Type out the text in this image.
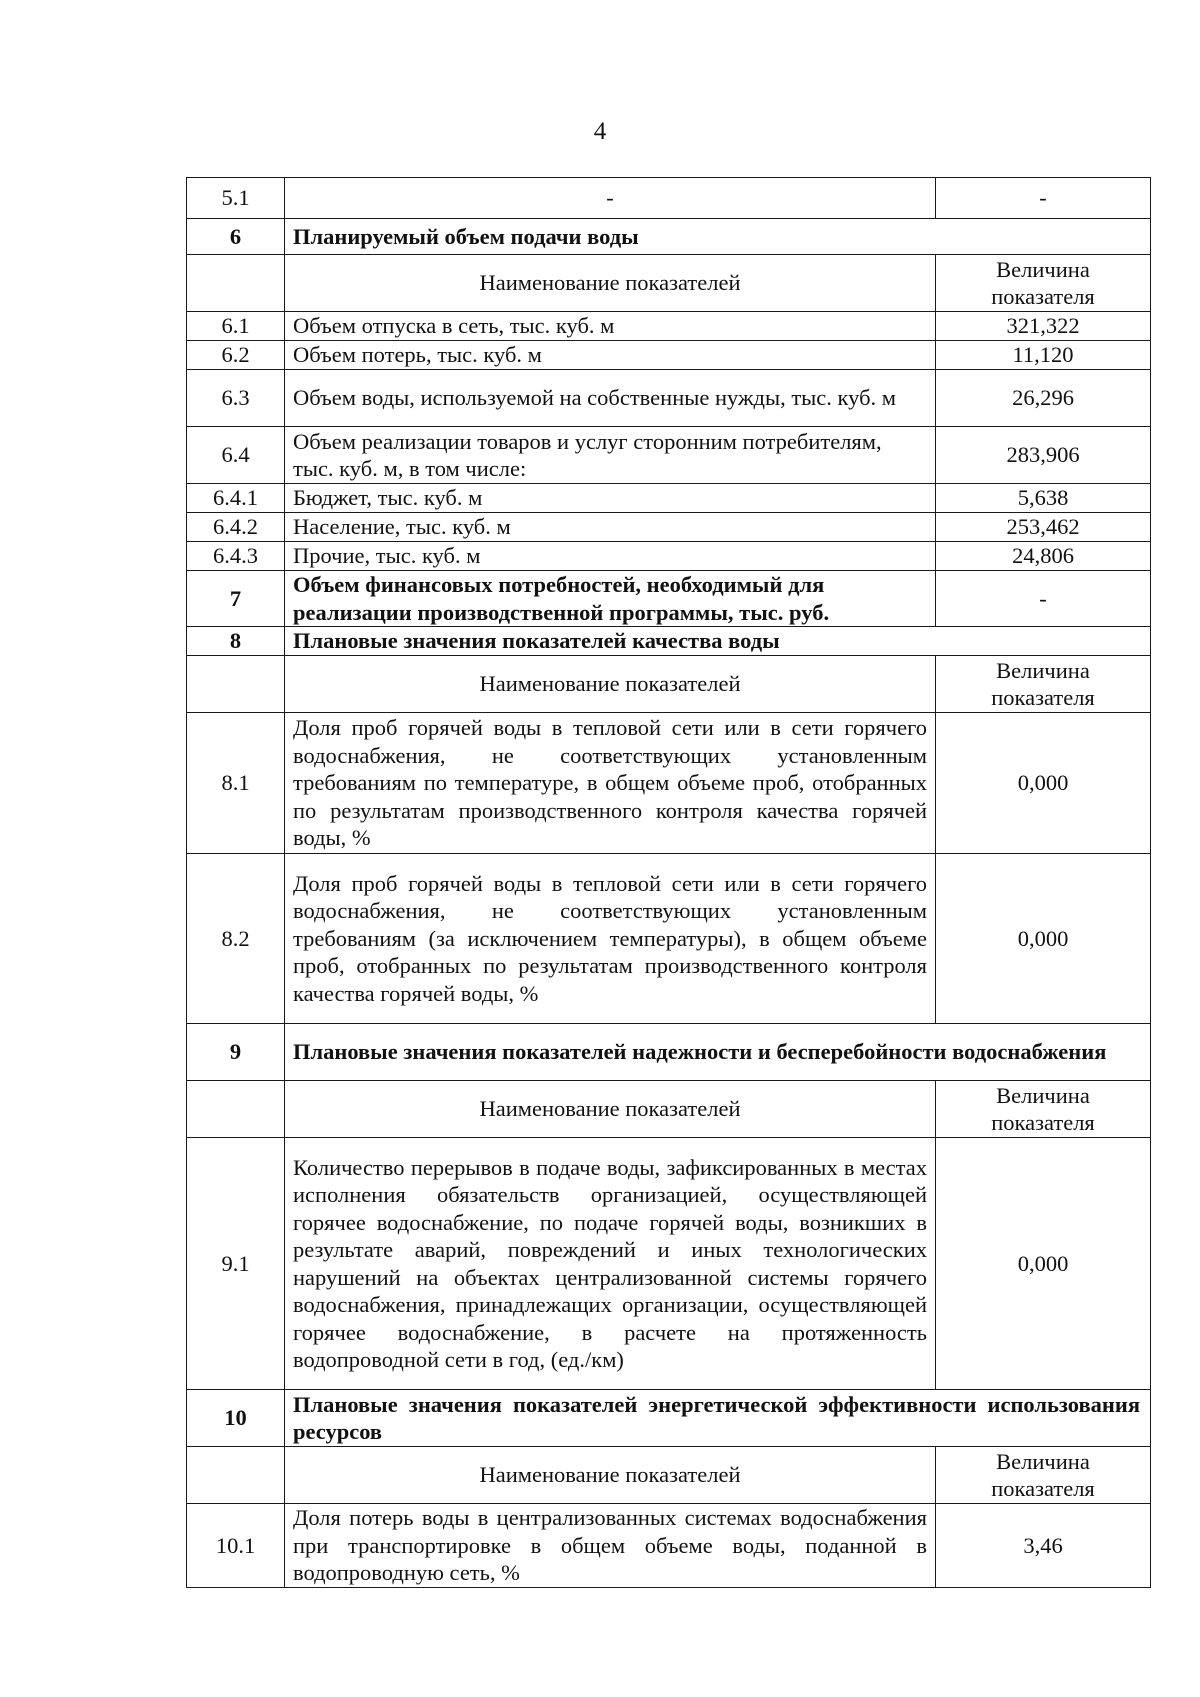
4
5.1	-	-
6	Планируемый объем подачи воды	
	Наименование показателей	Величина показателя
6.1	Объем отпуска в сеть, тыс. куб. м	321,322
6.2	Объем потерь, тыс. куб. м	11,120
6.3	Объем воды, используемой на собственные нужды, тыс. куб. м	26,296
6.4	Объем реализации товаров и услуг сторонним потребителям, тыс. куб. м, в том числе:	283,906
6.4.1	Бюджет, тыс. куб. м	5,638
6.4.2	Население, тыс. куб. м	253,462
6.4.3	Прочие, тыс. куб. м	24,806
7	Объем финансовых потребностей, необходимый для реализации производственной программы, тыс. руб.	-
8	Плановые значения показателей качества воды	
	Наименование показателей	Величина показателя
8.1	Доля проб горячей воды в тепловой сети или в сети горячего водоснабжения, не соответствующих установленным требованиям по температуре, в общем объеме проб, отобранных по результатам производственного контроля качества горячей воды, %	0,000
8.2	Доля проб горячей воды в тепловой сети или в сети горячего водоснабжения, не соответствующих установленным требованиям (за исключением температуры), в общем объеме проб, отобранных по результатам производственного контроля качества горячей воды, %	0,000
9	Плановые значения показателей надежности и бесперебойности водоснабжения	
	Наименование показателей	Величина показателя
9.1	Количество перерывов в подаче воды, зафиксированных в местах исполнения обязательств организацией, осуществляющей горячее водоснабжение, по подаче горячей воды, возникших в результате аварий, повреждений и иных технологических нарушений на объектах централизованной системы горячего водоснабжения, принадлежащих организации, осуществляющей горячее водоснабжение, в расчете на протяженность водопроводной сети в год, (ед./км)	0,000
10	Плановые значения показателей энергетической эффективности использования ресурсов	
	Наименование показателей	Величина показателя
10.1	Доля потерь воды в централизованных системах водоснабжения при транспортировке в общем объеме воды, поданной в водопроводную сеть, %	3,46
